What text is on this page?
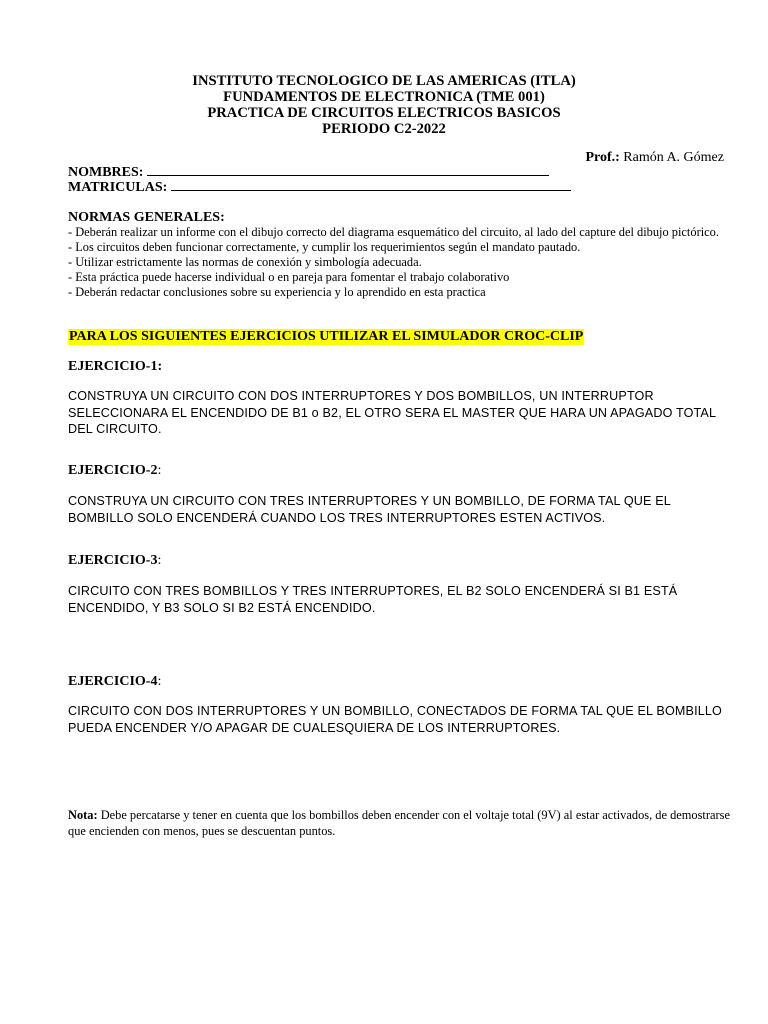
INSTITUTO TECNOLOGICO DE LAS AMERICAS (ITLA)
FUNDAMENTOS DE ELECTRONICA (TME 001)
PRACTICA DE CIRCUITOS ELECTRICOS BASICOS
PERIODO C2-2022
Prof.: Ramón A. Gómez
NOMBRES:
MATRICULAS:
NORMAS GENERALES:
- Deberán realizar un informe con el dibujo correcto del diagrama esquemático del circuito, al lado del capture del dibujo pictórico.
- Los circuitos deben funcionar correctamente, y cumplir los requerimientos según el mandato pautado.
- Utilizar estrictamente las normas de conexión y simbología adecuada.
- Esta práctica puede hacerse individual o en pareja para fomentar el trabajo colaborativo
- Deberán redactar conclusiones sobre su experiencia y lo aprendido en esta practica
PARA LOS SIGUIENTES EJERCICIOS UTILIZAR EL SIMULADOR CROC-CLIP
EJERCICIO-1:
CONSTRUYA UN CIRCUITO CON DOS INTERRUPTORES Y DOS BOMBILLOS, UN INTERRUPTOR SELECCIONARA EL ENCENDIDO DE B1 o B2, EL OTRO SERA EL MASTER QUE HARA UN APAGADO TOTAL DEL CIRCUITO.
EJERCICIO-2:
CONSTRUYA UN CIRCUITO CON TRES INTERRUPTORES Y UN BOMBILLO, DE FORMA TAL QUE EL BOMBILLO SOLO ENCENDERÁ CUANDO LOS TRES INTERRUPTORES ESTEN ACTIVOS.
EJERCICIO-3:
CIRCUITO CON TRES BOMBILLOS Y TRES INTERRUPTORES, EL B2 SOLO ENCENDERÁ SI B1 ESTÁ ENCENDIDO, Y B3 SOLO SI B2 ESTÁ ENCENDIDO.
EJERCICIO-4:
CIRCUITO CON DOS INTERRUPTORES Y UN BOMBILLO, CONECTADOS DE FORMA TAL QUE EL BOMBILLO PUEDA ENCENDER Y/O APAGAR DE CUALESQUIERA DE LOS INTERRUPTORES.
Nota: Debe percatarse y tener en cuenta que los bombillos deben encender con el voltaje total (9V) al estar activados, de demostrarse que encienden con menos, pues se descuentan puntos.
